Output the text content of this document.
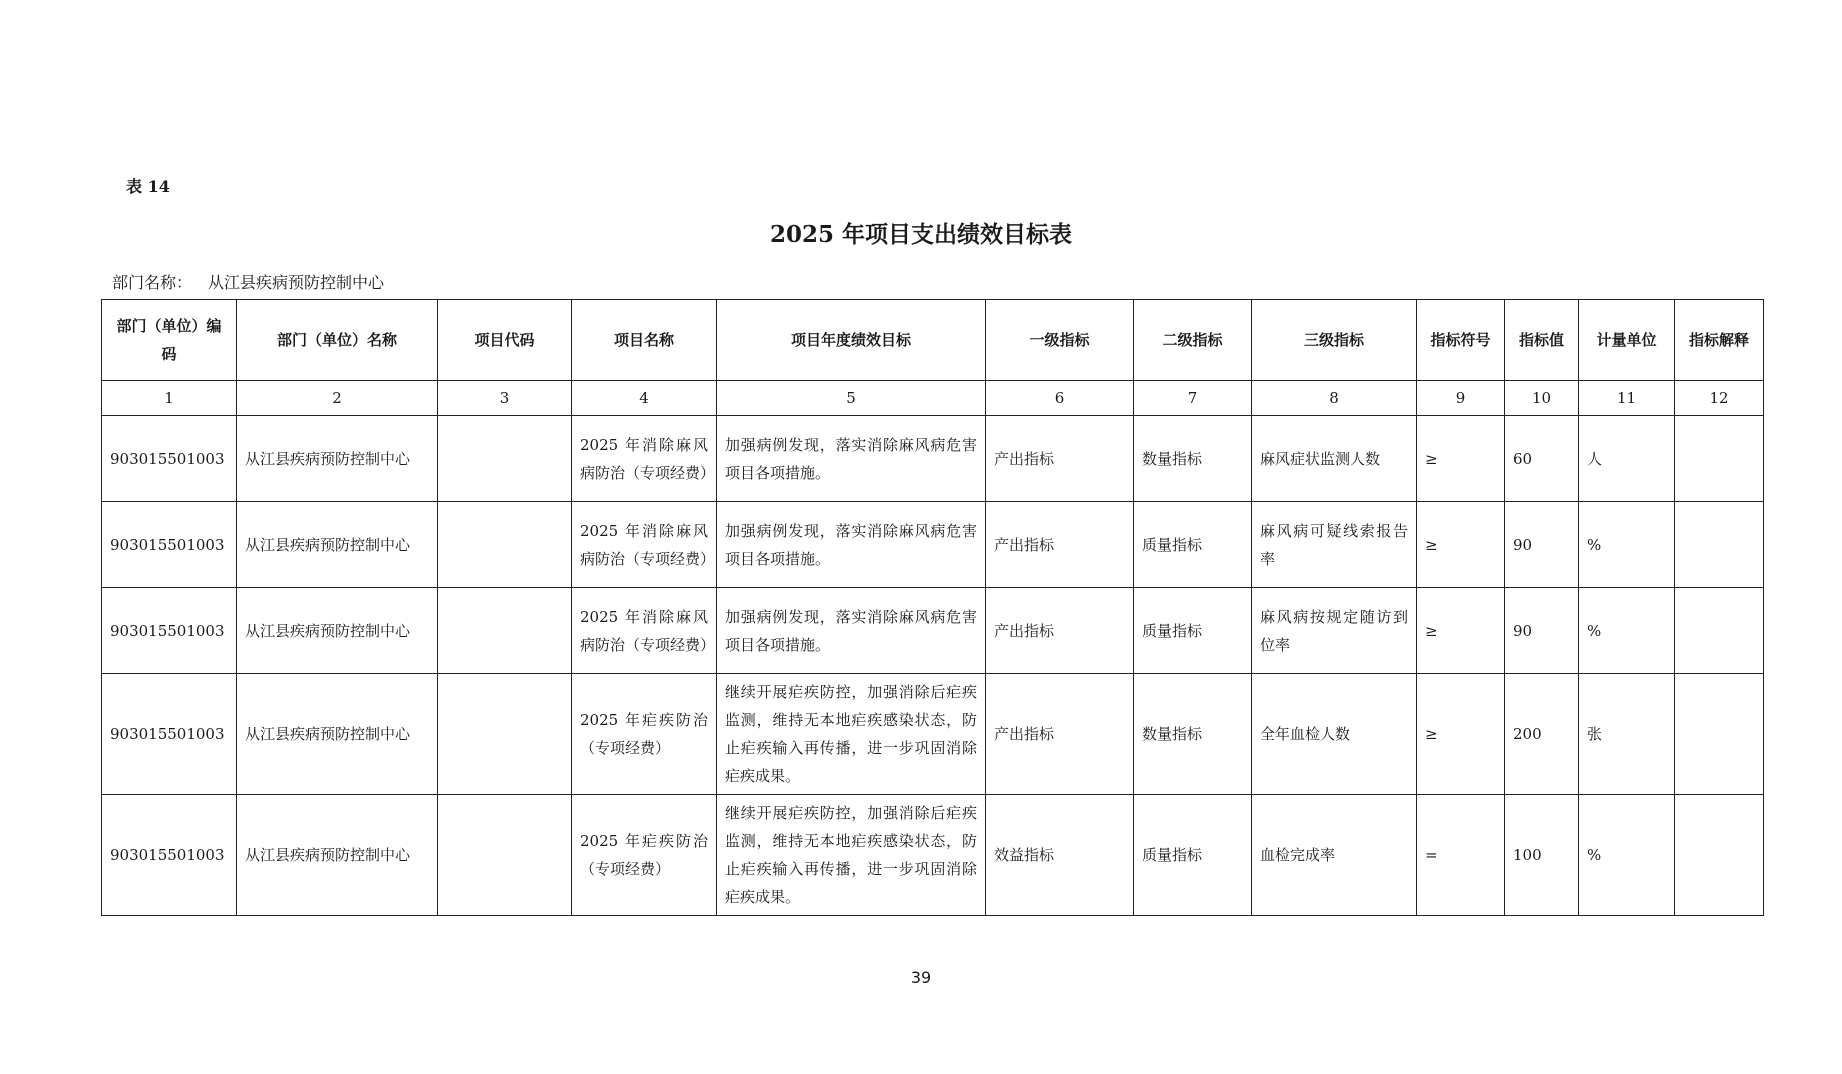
表 14
2025 年项目支出绩效目标表
部门名称： 从江县疾病预防控制中心
部门（单位）编码	部门（单位）名称	项目代码	项目名称	项目年度绩效目标	一级指标	二级指标	三级指标	指标符号	指标值	计量单位	指标解释
1	2	3	4	5	6	7	8	9	10	11	12
903015501003	从江县疾病预防控制中心		2025 年消除麻风病防治（专项经费）	加强病例发现，落实消除麻风病危害项目各项措施。	产出指标	数量指标	麻风症状监测人数	≥	60	人	
903015501003	从江县疾病预防控制中心		2025 年消除麻风病防治（专项经费）	加强病例发现，落实消除麻风病危害项目各项措施。	产出指标	质量指标	麻风病可疑线索报告率	≥	90	%	
903015501003	从江县疾病预防控制中心		2025 年消除麻风病防治（专项经费）	加强病例发现，落实消除麻风病危害项目各项措施。	产出指标	质量指标	麻风病按规定随访到位率	≥	90	%	
903015501003	从江县疾病预防控制中心		2025 年疟疾防治（专项经费）	继续开展疟疾防控，加强消除后疟疾监测，维持无本地疟疾感染状态，防止疟疾输入再传播，进一步巩固消除疟疾成果。	产出指标	数量指标	全年血检人数	≥	200	张	
903015501003	从江县疾病预防控制中心		2025 年疟疾防治（专项经费）	继续开展疟疾防控，加强消除后疟疾监测，维持无本地疟疾感染状态，防止疟疾输入再传播，进一步巩固消除疟疾成果。	效益指标	质量指标	血检完成率	=	100	%	
39
